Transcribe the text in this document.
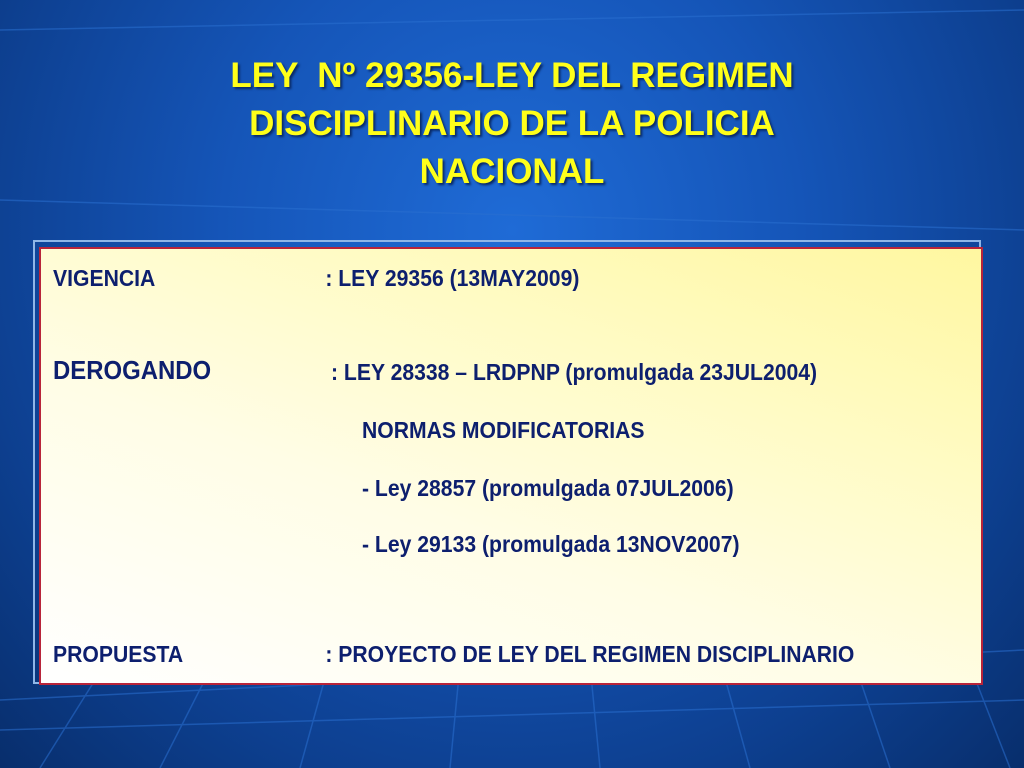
LEY  Nº 29356-LEY DEL REGIMEN
DISCIPLINARIO DE LA POLICIA
NACIONAL
VIGENCIA	: LEY 29356 (13MAY2009)
DEROGANDO	: LEY 28338 – LRDPNP (promulgada 23JUL2004)
NORMAS MODIFICATORIAS
- Ley 28857 (promulgada 07JUL2006)
- Ley 29133 (promulgada 13NOV2007)
PROPUESTA	: PROYECTO DE LEY DEL REGIMEN DISCIPLINARIO
